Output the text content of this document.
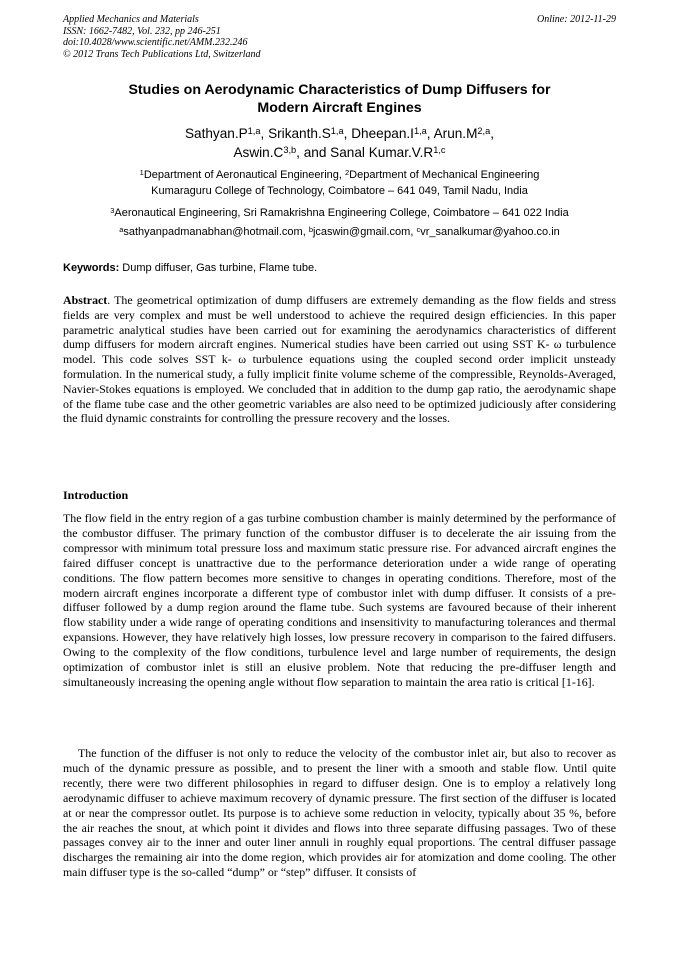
Applied Mechanics and Materials
ISSN: 1662-7482, Vol. 232, pp 246-251
doi:10.4028/www.scientific.net/AMM.232.246
© 2012 Trans Tech Publications Ltd, Switzerland
Online: 2012-11-29
Studies on Aerodynamic Characteristics of Dump Diffusers for
Modern Aircraft Engines
$Sathyan.P^{1,a}$, $Srikanth.S^{1,a}$, $Dheepan.I^{1,a}$, $Arun.M^{2,a}$,
$Aswin.C^{3,b}$, and Sanal $Kumar.V.R^{1,c}$
$^1$Department of Aeronautical Engineering, $^2$Department of Mechanical Engineering
Kumaraguru College of Technology, Coimbatore – 641 049, Tamil Nadu, India
$^3$Aeronautical Engineering, Sri Ramakrishna Engineering College, Coimbatore – 641 022 India
$^a$sathyanpadmanabhan@hotmail.com, $^b$jcaswin@gmail.com, $^c$vr_sanalkumar@yahoo.co.in
Keywords: Dump diffuser, Gas turbine, Flame tube.
Abstract. The geometrical optimization of dump diffusers are extremely demanding as the flow fields and stress fields are very complex and must be well understood to achieve the required design efficiencies. In this paper parametric analytical studies have been carried out for examining the aerodynamics characteristics of different dump diffusers for modern aircraft engines. Numerical studies have been carried out using SST K- ω turbulence model. This code solves SST k- ω turbulence equations using the coupled second order implicit unsteady formulation. In the numerical study, a fully implicit finite volume scheme of the compressible, Reynolds-Averaged, Navier-Stokes equations is employed. We concluded that in addition to the dump gap ratio, the aerodynamic shape of the flame tube case and the other geometric variables are also need to be optimized judiciously after considering the fluid dynamic constraints for controlling the pressure recovery and the losses.
Introduction

The flow field in the entry region of a gas turbine combustion chamber is mainly determined by the performance of the combustor diffuser. The primary function of the combustor diffuser is to decelerate the air issuing from the compressor with minimum total pressure loss and maximum static pressure rise. For advanced aircraft engines the faired diffuser concept is unattractive due to the performance deterioration under a wide range of operating conditions. The flow pattern becomes more sensitive to changes in operating conditions. Therefore, most of the modern aircraft engines incorporate a different type of combustor inlet with dump diffuser. It consists of a pre-diffuser followed by a dump region around the flame tube. Such systems are favoured because of their inherent flow stability under a wide range of operating conditions and insensitivity to manufacturing tolerances and thermal expansions. However, they have relatively high losses, low pressure recovery in comparison to the faired diffusers. Owing to the complexity of the flow conditions, turbulence level and large number of requirements, the design optimization of combustor inlet is still an elusive problem. Note that reducing the pre-diffuser length and simultaneously increasing the opening angle without flow separation to maintain the area ratio is critical [1-16].

The function of the diffuser is not only to reduce the velocity of the combustor inlet air, but also to recover as much of the dynamic pressure as possible, and to present the liner with a smooth and stable flow. Until quite recently, there were two different philosophies in regard to diffuser design. One is to employ a relatively long aerodynamic diffuser to achieve maximum recovery of dynamic pressure. The first section of the diffuser is located at or near the compressor outlet. Its purpose is to achieve some reduction in velocity, typically about 35 %, before the air reaches the snout, at which point it divides and flows into three separate diffusing passages. Two of these passages convey air to the inner and outer liner annuli in roughly equal proportions. The central diffuser passage discharges the remaining air into the dome region, which provides air for atomization and dome cooling. The other main diffuser type is the so-called “dump” or “step” diffuser. It consists of
